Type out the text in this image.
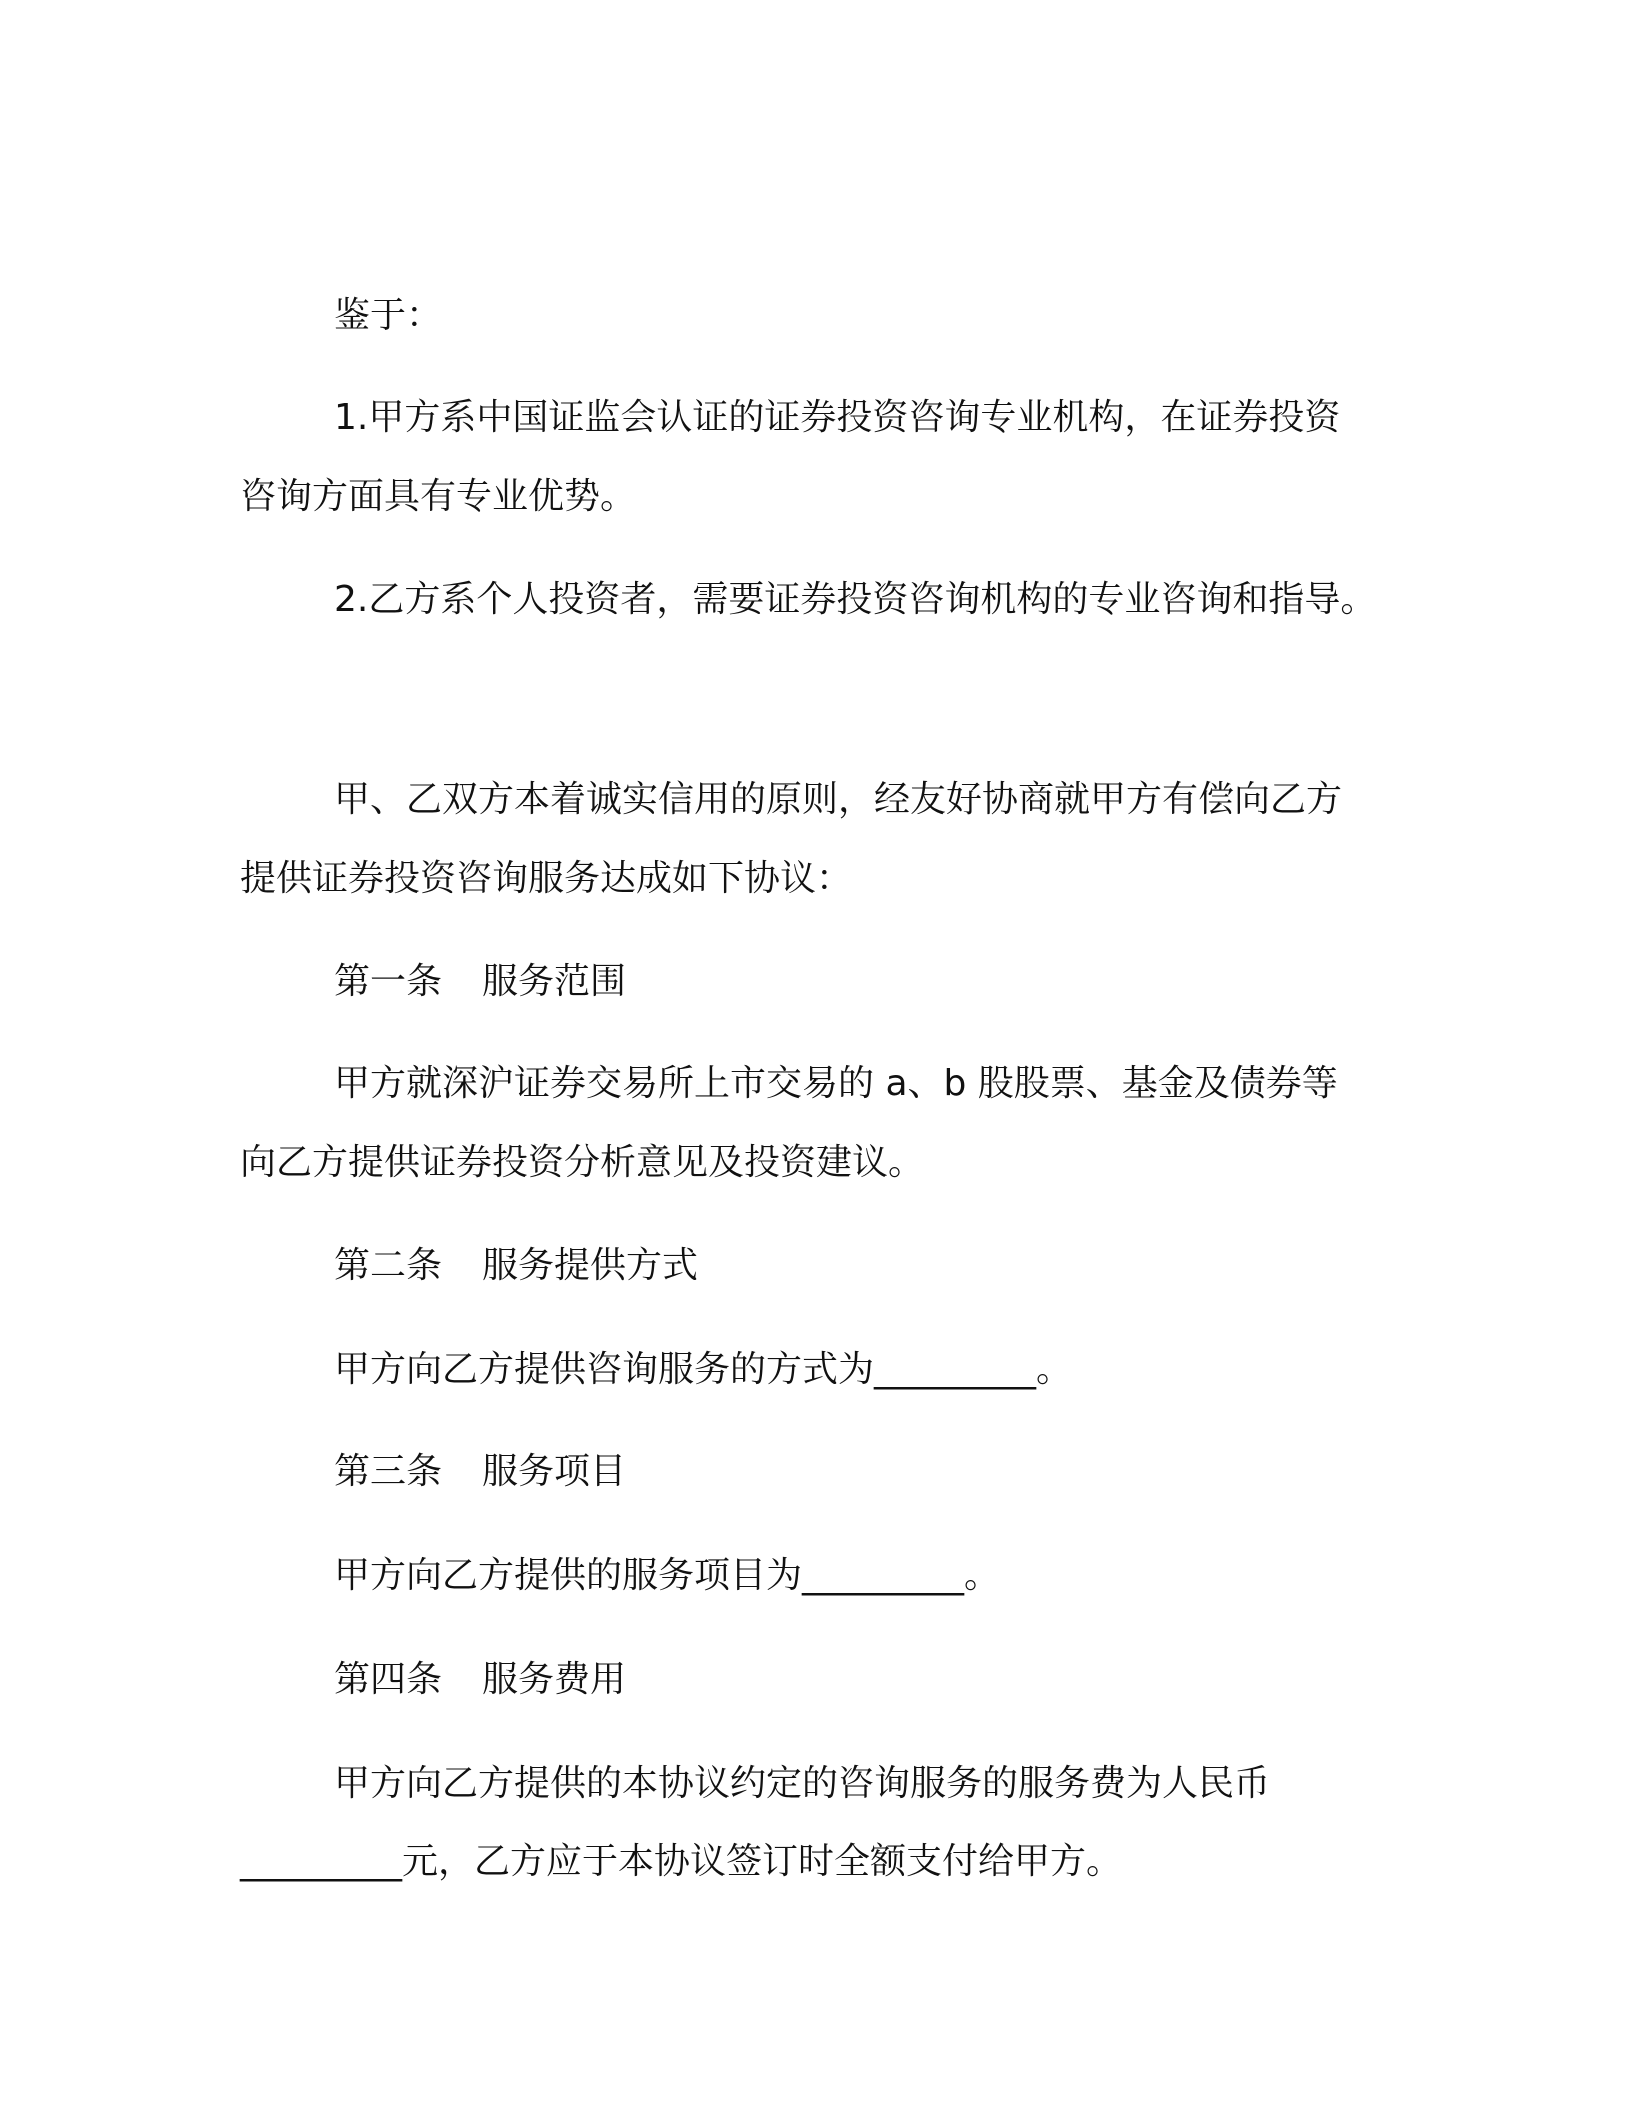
鉴于：
1.甲方系中国证监会认证的证券投资咨询专业机构，在证券投资
咨询方面具有专业优势。
2.乙方系个人投资者，需要证券投资咨询机构的专业咨询和指导。
甲、乙双方本着诚实信用的原则，经友好协商就甲方有偿向乙方
提供证券投资咨询服务达成如下协议：
第一条 服务范围
甲方就深沪证券交易所上市交易的 a、b 股股票、基金及债券等
向乙方提供证券投资分析意见及投资建议。
第二条 服务提供方式
甲方向乙方提供咨询服务的方式为_________。
第三条 服务项目
甲方向乙方提供的服务项目为_________。
第四条 服务费用
甲方向乙方提供的本协议约定的咨询服务的服务费为人民币
_________元，乙方应于本协议签订时全额支付给甲方。
